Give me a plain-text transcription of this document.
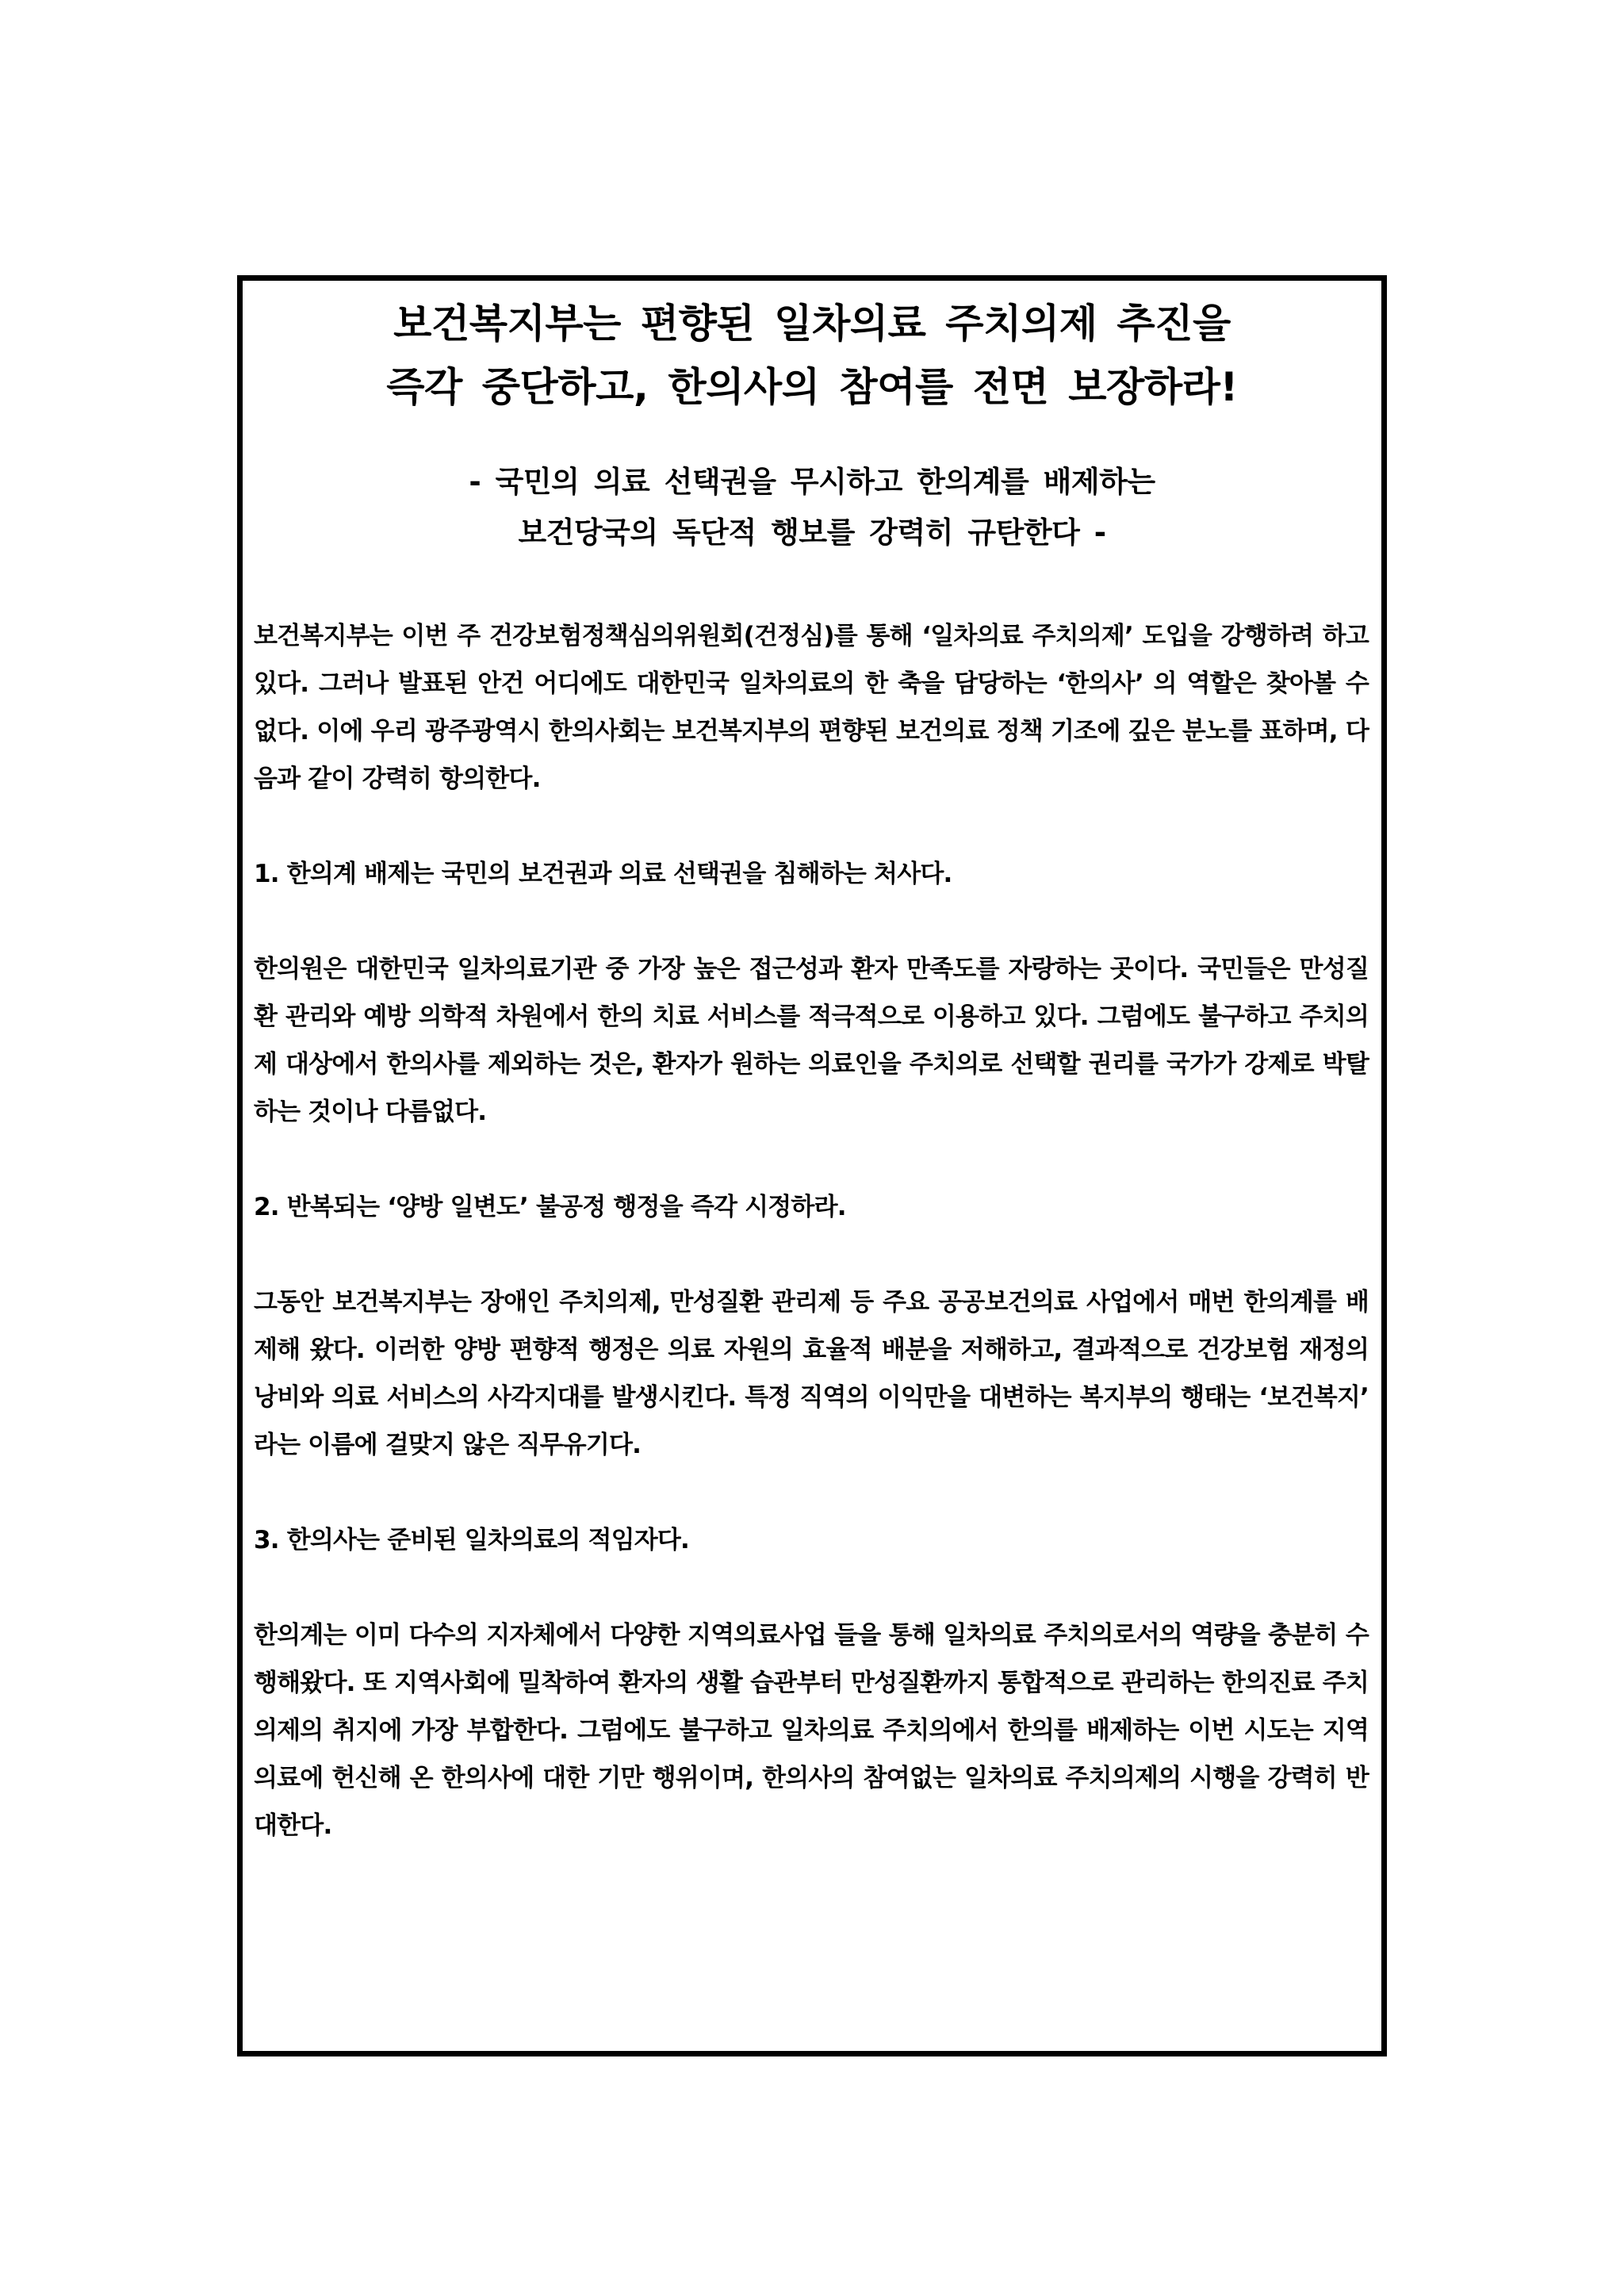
보건복지부는 편향된 일차의료 주치의제 추진을
즉각 중단하고, 한의사의 참여를 전면 보장하라!
- 국민의 의료 선택권을 무시하고 한의계를 배제하는
보건당국의 독단적 행보를 강력히 규탄한다 -

보건복지부는 이번 주 건강보험정책심의위원회(건정심)를 통해 ‘일차의료 주치의제’ 도입을 강행하려 하고 있다. 그러나 발표된 안건 어디에도 대한민국 일차의료의 한 축을 담당하는 ‘한의사’ 의 역할은 찾아볼 수 없다. 이에 우리 광주광역시 한의사회는 보건복지부의 편향된 보건의료 정책 기조에 깊은 분노를 표하며, 다음과 같이 강력히 항의한다.

1. 한의계 배제는 국민의 보건권과 의료 선택권을 침해하는 처사다.

한의원은 대한민국 일차의료기관 중 가장 높은 접근성과 환자 만족도를 자랑하는 곳이다. 국민들은 만성질환 관리와 예방 의학적 차원에서 한의 치료 서비스를 적극적으로 이용하고 있다. 그럼에도 불구하고 주치의제 대상에서 한의사를 제외하는 것은, 환자가 원하는 의료인을 주치의로 선택할 권리를 국가가 강제로 박탈하는 것이나 다름없다.

2. 반복되는 ‘양방 일변도’ 불공정 행정을 즉각 시정하라.

그동안 보건복지부는 장애인 주치의제, 만성질환 관리제 등 주요 공공보건의료 사업에서 매번 한의계를 배제해 왔다. 이러한 양방 편향적 행정은 의료 자원의 효율적 배분을 저해하고, 결과적으로 건강보험 재정의 낭비와 의료 서비스의 사각지대를 발생시킨다. 특정 직역의 이익만을 대변하는 복지부의 행태는 ‘보건복지’ 라는 이름에 걸맞지 않은 직무유기다.

3. 한의사는 준비된 일차의료의 적임자다.

한의계는 이미 다수의 지자체에서 다양한 지역의료사업 들을 통해 일차의료 주치의로서의 역량을 충분히 수행해왔다. 또 지역사회에 밀착하여 환자의 생활 습관부터 만성질환까지 통합적으로 관리하는 한의진료 주치의제의 취지에 가장 부합한다. 그럼에도 불구하고 일차의료 주치의에서 한의를 배제하는 이번 시도는 지역 의료에 헌신해 온 한의사에 대한 기만 행위이며, 한의사의 참여없는 일차의료 주치의제의 시행을 강력히 반대한다.
